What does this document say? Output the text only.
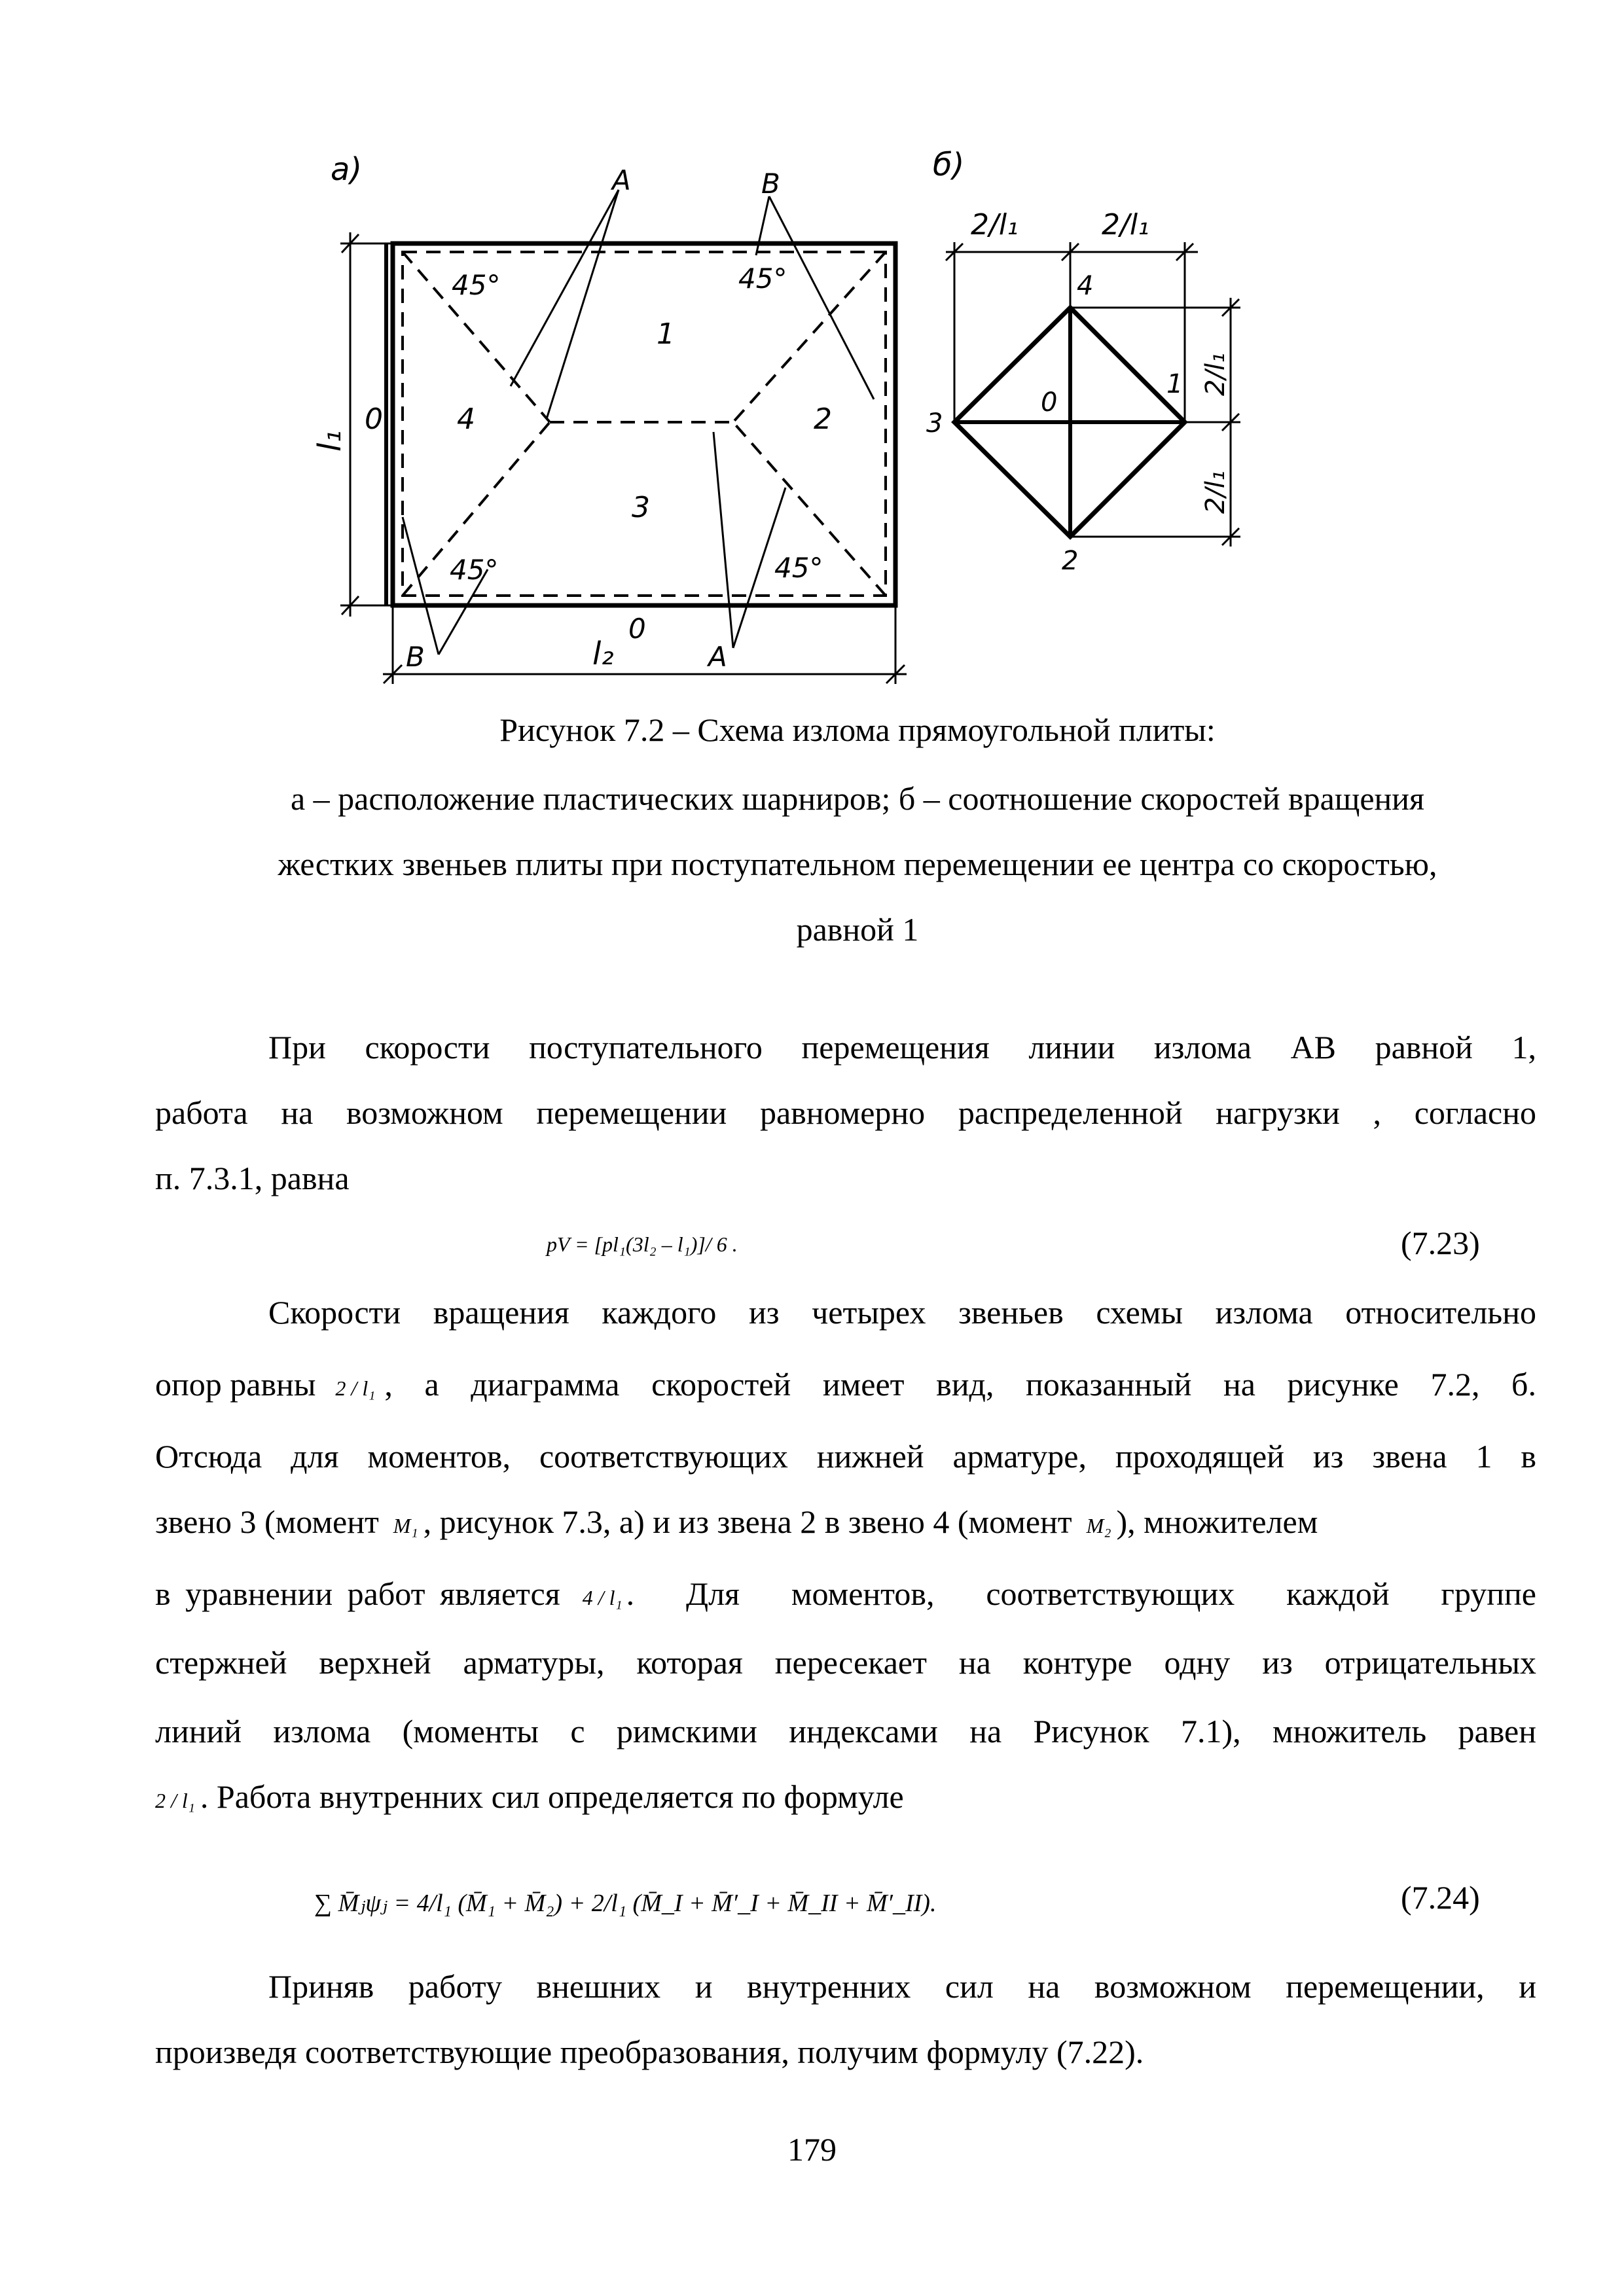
а)	А	В
45°	45°
45°	45°
1
2
3
4
0
0
В	А
l₂
l₁
б)
2/l₁	2/l₁
4
1
2
3
0
2/l₁
2/l₁
Рисунок 7.2 – Схема излома прямоугольной плиты:
а – расположение пластических шарниров; б – соотношение скоростей вращения
жестких звеньев плиты при поступательном перемещении ее центра со скоростью,
равной 1
При скорости поступательного перемещения линии излома АВ равной 1,
работа на возможном перемещении равномерно распределенной нагрузки , согласно
п. 7.3.1, равна
pV = [pl₁(3l₂ – l₁)]/ 6 .	(7.23)
Скорости вращения каждого из четырех звеньев схемы излома относительно
опор равны 2 / l₁ , а диаграмма скоростей имеет вид, показанный на рисунке 7.2, б.
Отсюда для моментов, соответствующих нижней арматуре, проходящей из звена 1 в
звено 3 (момент M₁ , рисунок 7.3, а) и из звена 2 в звено 4 (момент M₂ ), множителем
в уравнении работ является 4 / l₁ . Для моментов, соответствующих каждой группе
стержней верхней арматуры, которая пересекает на контуре одну из отрицательных
линий излома (моменты с римскими индексами на Рисунок 7.1), множитель равен
2 / l₁ . Работа внутренних сил определяется по формуле
∑ M̄ⱼψⱼ = 4/l₁ (M̄₁ + M̄₂) + 2/l₁ (M̄_I + M̄′_I + M̄_II + M̄′_II).	(7.24)
Приняв работу внешних и внутренних сил на возможном перемещении, и
произведя соответствующие преобразования, получим формулу (7.22).
179
